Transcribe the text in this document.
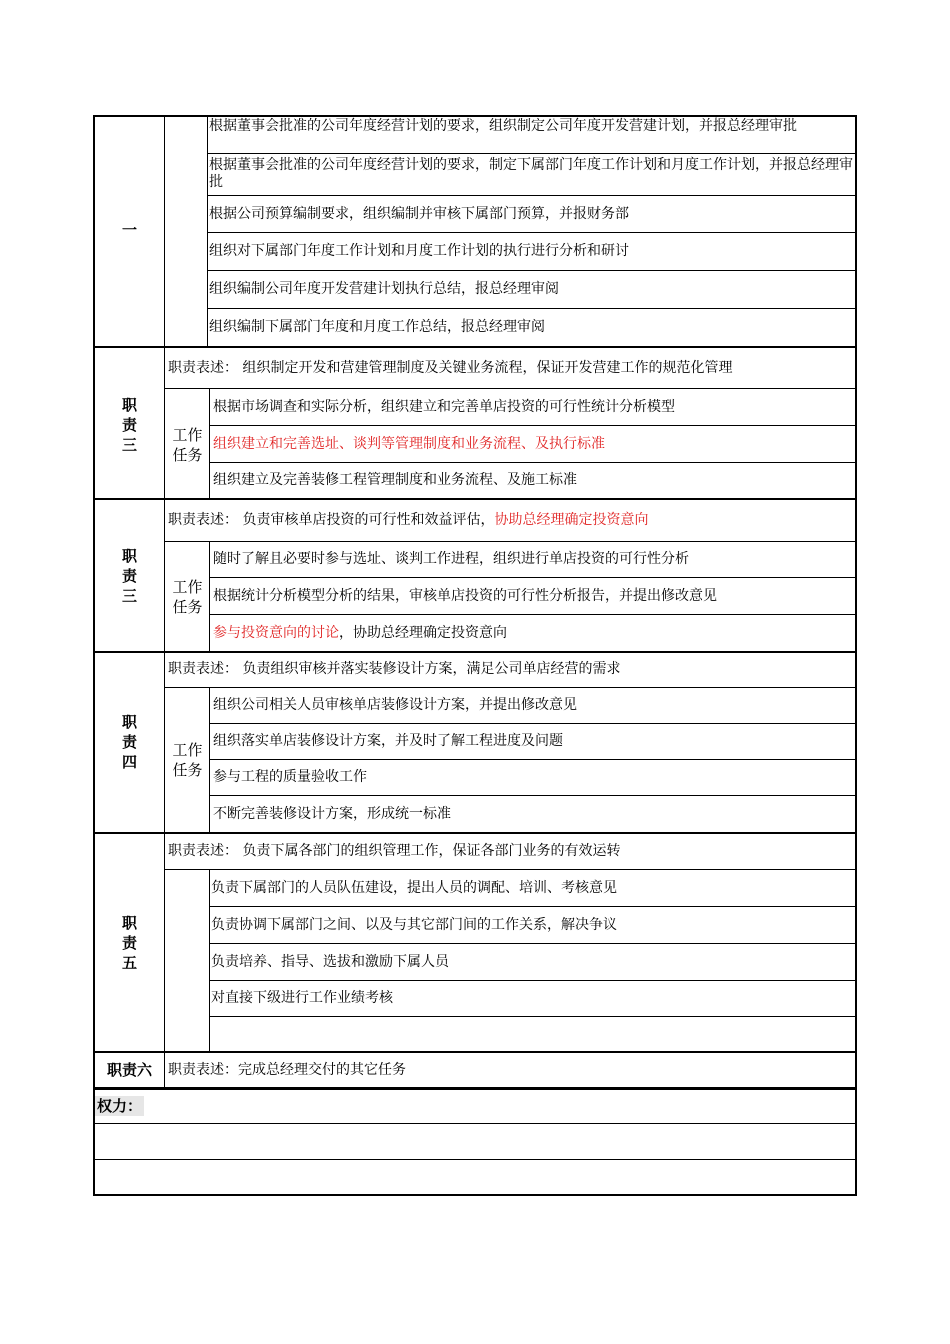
一
根据董事会批准的公司年度经营计划的要求，组织制定公司年度开发营建计划，并报总经理审批
根据董事会批准的公司年度经营计划的要求，制定下属部门年度工作计划和月度工作计划，并报总经理审批
根据公司预算编制要求，组织编制并审核下属部门预算，并报财务部
组织对下属部门年度工作计划和月度工作计划的执行进行分析和研讨
组织编制公司年度开发营建计划执行总结，报总经理审阅
组织编制下属部门年度和月度工作总结，报总经理审阅
职
责
三
职责表述： 组织制定开发和营建管理制度及关键业务流程，保证开发营建工作的规范化管理
工作
任务
根据市场调查和实际分析，组织建立和完善单店投资的可行性统计分析模型
组织建立和完善选址、谈判等管理制度和业务流程、及执行标准
组织建立及完善装修工程管理制度和业务流程、及施工标准
职
责
三
职责表述： 负责审核单店投资的可行性和效益评估， 协助总经理确定投资意向
工作
任务
随时了解且必要时参与选址、谈判工作进程，组织进行单店投资的可行性分析
根据统计分析模型分析的结果，审核单店投资的可行性分析报告，并提出修改意见
参与投资意向的讨论 ，协助总经理确定投资意向
职
责
四
职责表述： 负责组织审核并落实装修设计方案，满足公司单店经营的需求
工作
任务
组织公司相关人员审核单店装修设计方案，并提出修改意见
组织落实单店装修设计方案，并及时了解工程进度及问题
参与工程的质量验收工作
不断完善装修设计方案，形成统一标准
职
责
五
职责表述： 负责下属各部门的组织管理工作，保证各部门业务的有效运转
负责下属部门的人员队伍建设，提出人员的调配、培训、考核意见
负责协调下属部门之间、以及与其它部门间的工作关系，解决争议
负责培养、指导、选拔和激励下属人员
对直接下级进行工作业绩考核
职责六	职责表述：完成总经理交付的其它任务
权力：
